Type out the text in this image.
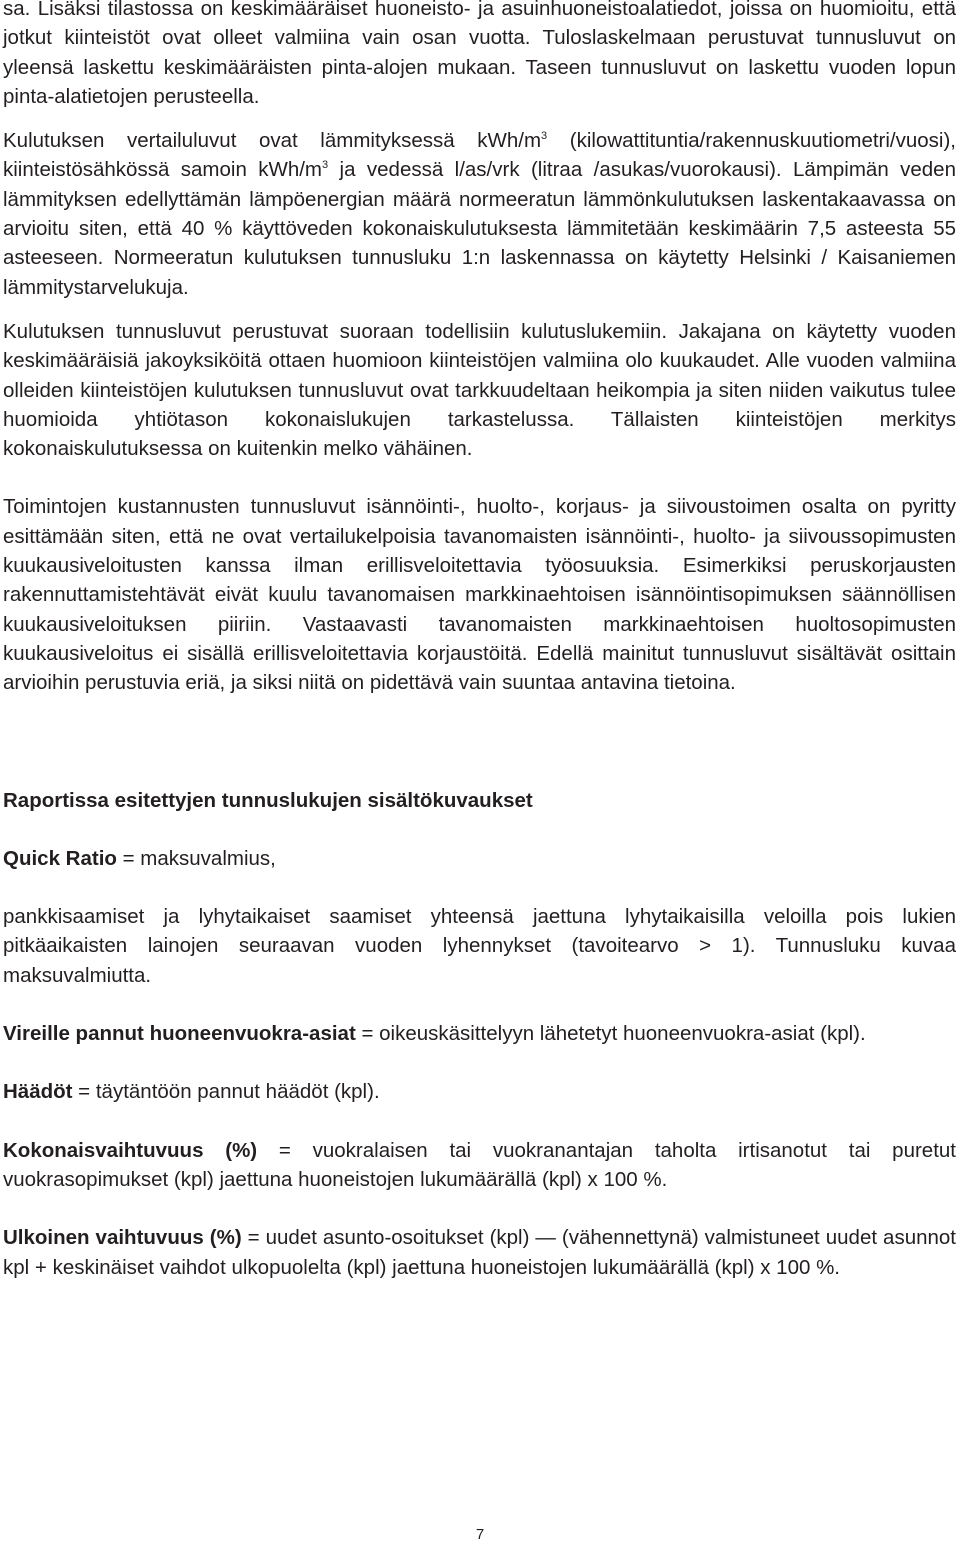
sa. Lisäksi tilastossa on keskimääräiset huoneisto- ja asuinhuoneistoalatiedot, joissa on huomioitu, että jotkut kiinteistöt ovat olleet valmiina vain osan vuotta. Tuloslaskelmaan perustuvat tunnusluvut on yleensä laskettu keskimääräisten pinta-alojen mukaan. Taseen tunnusluvut on laskettu vuoden lopun pinta-alatietojen perusteella.

Kulutuksen vertailuluvut ovat lämmityksessä kWh/$m^3$ (kilowattituntia/rakennuskuutiometri/vuosi), kiinteistösähkössä samoin kWh/$m^3$ ja vedessä l/as/vrk (litraa /asukas/vuorokausi). Lämpimän veden lämmityksen edellyttämän lämpöenergian määrä normeeratun lämmönkulutuksen laskentakaavassa on arvioitu siten, että 40 % käyttöveden kokonaiskulutuksesta lämmitetään keskimäärin 7,5 asteesta 55 asteeseen. Normeeratun kulutuksen tunnusluku 1:n laskennassa on käytetty Helsinki / Kaisaniemen lämmitystarvelukuja.

Kulutuksen tunnusluvut perustuvat suoraan todellisiin kulutuslukemiin. Jakajana on käytetty vuoden keskimääräisiä jakoyksiköitä ottaen huomioon kiinteistöjen valmiina olo kuukaudet. Alle vuoden valmiina olleiden kiinteistöjen kulutuksen tunnusluvut ovat tarkkuudeltaan heikompia ja siten niiden vaikutus tulee huomioida yhtiötason kokonaislukujen tarkastelussa. Tällaisten kiinteistöjen merkitys kokonaiskulutuksessa on kuitenkin melko vähäinen.

Toimintojen kustannusten tunnusluvut isännöinti-, huolto-, korjaus- ja siivoustoimen osalta on pyritty esittämään siten, että ne ovat vertailukelpoisia tavanomaisten isännöinti-, huolto- ja siivoussopimusten kuukausiveloitusten kanssa ilman erillisveloitettavia työosuuksia. Esimerkiksi peruskorjausten rakennuttamistehtävät eivät kuulu tavanomaisen markkinaehtoisen isännöintisopimuksen säännöllisen kuukausiveloituksen piiriin. Vastaavasti tavanomaisten markkinaehtoisen huoltosopimusten kuukausiveloitus ei sisällä erillisveloitettavia korjaustöitä. Edellä mainitut tunnusluvut sisältävät osittain arvioihin perustuvia eriä, ja siksi niitä on pidettävä vain suuntaa antavina tietoina.

Raportissa esitettyjen tunnuslukujen sisältökuvaukset

Quick Ratio = maksuvalmius,

pankkisaamiset ja lyhytaikaiset saamiset yhteensä jaettuna lyhytaikaisilla veloilla pois lukien pitkäaikaisten lainojen seuraavan vuoden lyhennykset (tavoitearvo > 1). Tunnusluku kuvaa maksuvalmiutta.

Vireille pannut huoneenvuokra-asiat = oikeuskäsittelyyn lähetetyt huoneenvuokra-asiat (kpl).

Häädöt = täytäntöön pannut häädöt (kpl).

Kokonaisvaihtuvuus (%) = vuokralaisen tai vuokranantajan taholta irtisanotut tai puretut vuokrasopimukset (kpl) jaettuna huoneistojen lukumäärällä (kpl) x 100 %.

Ulkoinen vaihtuvuus (%) = uudet asunto-osoitukset (kpl) — (vähennettynä) valmistuneet uudet asunnot kpl + keskinäiset vaihdot ulkopuolelta (kpl) jaettuna huoneistojen lukumäärällä (kpl) x 100 %.

7
